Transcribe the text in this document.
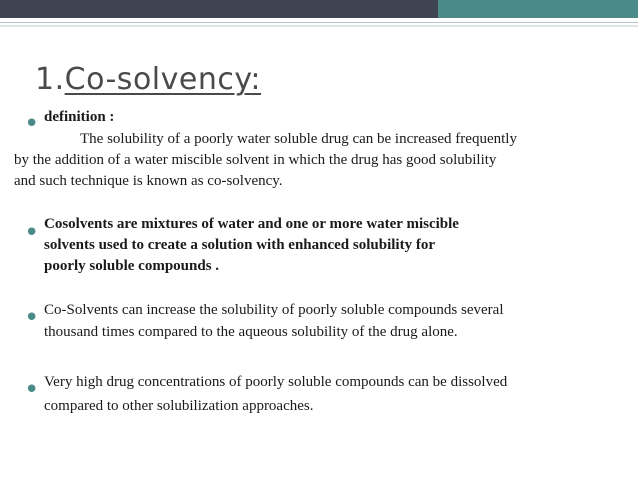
1.Co-solvency:
• definition :
The solubility of a poorly water soluble drug can be increased frequently
by the addition of a water miscible solvent in which the drug has good solubility
and such technique is known as co-solvency.
• Cosolvents are mixtures of water and one or more water miscible
solvents used to create a solution with enhanced solubility for
poorly soluble compounds .
• Co-Solvents can increase the solubility of poorly soluble compounds several
thousand times compared to the aqueous solubility of the drug alone.
• Very high drug concentrations of poorly soluble compounds can be dissolved
compared to other solubilization approaches.
